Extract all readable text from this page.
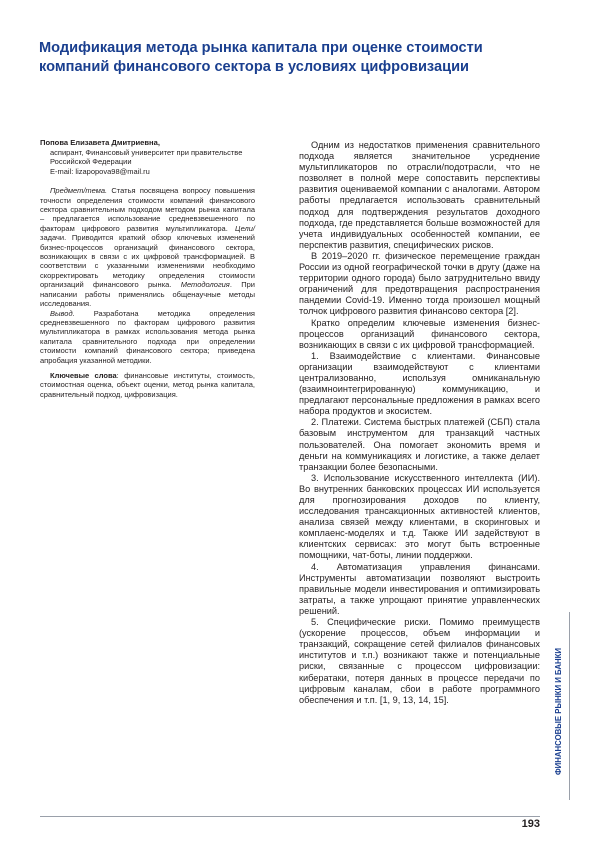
Модификация метода рынка капитала при оценке стоимости компаний финансового сектора в условиях цифровизации
Попова Елизавета Дмитриевна,
аспирант, Финансовый университет при правительстве Российской Федерации
E-mail: lizapopova98@mail.ru

Предмет/тема. Статья посвящена вопросу повышения точности определения стоимости компаний финансового сектора сравнительным подходом методом рынка капитала – предлагается использование средневзвешенного по факторам цифрового развития мультипликатора. Цели/задачи. Приводится краткий обзор ключевых изменений бизнес-процессов организаций финансового сектора, возникающих в связи с их цифровой трансформацией. В соответствии с указанными изменениями необходимо скорректировать методику определения стоимости организаций финансового рынка. Методология. При написании работы применялись общенаучные методы исследования.

Вывод. Разработана методика определения средневзвешенного по факторам цифрового развития мультипликатора в рамках использования метода рынка капитала сравнительного подхода при определении стоимости компаний финансового сектора; приведена апробация указанной методики.

Ключевые слова: финансовые институты, стоимость, стоимостная оценка, объект оценки, метод рынка капитала, сравнительный подход, цифровизация.

Одним из недостатков применения сравнительного подхода является значительное усреднение мультипликаторов по отрасли/подотрасли, что не позволяет в полной мере сопоставить перспективы развития оцениваемой компании с аналогами. Автором работы предлагается использовать сравнительный подход для подтверждения результатов доходного подхода, где представляется больше возможностей для учета индивидуальных особенностей компании, ее перспектив развития, специфических рисков.

В 2019–2020 гг. физическое перемещение граждан России из одной географической точки в другу (даже на территории одного города) было затруднительно ввиду ограничений для предотвращения распространения пандемии Covid-19. Именно тогда произошел мощный толчок цифрового развития финансово сектора [2].

Кратко определим ключевые изменения бизнес-процессов организаций финансового сектора, возникающих в связи с их цифровой трансформацией.

1. Взаимодействие с клиентами. Финансовые организации взаимодействуют с клиентами централизованно, используя омниканальную (взаимноинтегрированную) коммуникацию, и предлагают персональные предложения в рамках всего набора продуктов и экосистем.

2. Платежи. Система быстрых платежей (СБП) стала базовым инструментом для транзакций частных пользователей. Она помогает экономить время и деньги на коммуникациях и логистике, а также делает транзакции более безопасными.

3. Использование искусственного интеллекта (ИИ). Во внутренних банковских процессах ИИ используется для прогнозирования доходов по клиенту, исследования трансакционных активностей клиентов, анализа связей между клиентами, в скоринговых и комплаенс-моделях и т.д. Также ИИ задействуют в клиентских сервисах: это могут быть встроенные помощники, чат-боты, линии поддержки.

4. Автоматизация управления финансами. Инструменты автоматизации позволяют выстроить правильные модели инвестирования и оптимизировать затраты, а также упрощают принятие управленческих решений.

5. Специфические риски. Помимо преимуществ (ускорение процессов, объем информации и транзакций, сокращение сетей филиалов финансовых институтов и т.п.) возникают также и потенциальные риски, связанные с процессом цифровизации: кибератаки, потеря данных в процессе передачи по цифровым каналам, сбои в работе программного обеспечения и т.п. [1, 9, 13, 14, 15].	ФИНАНСОВЫЕ РЫНКИ И БАНКИ
193
